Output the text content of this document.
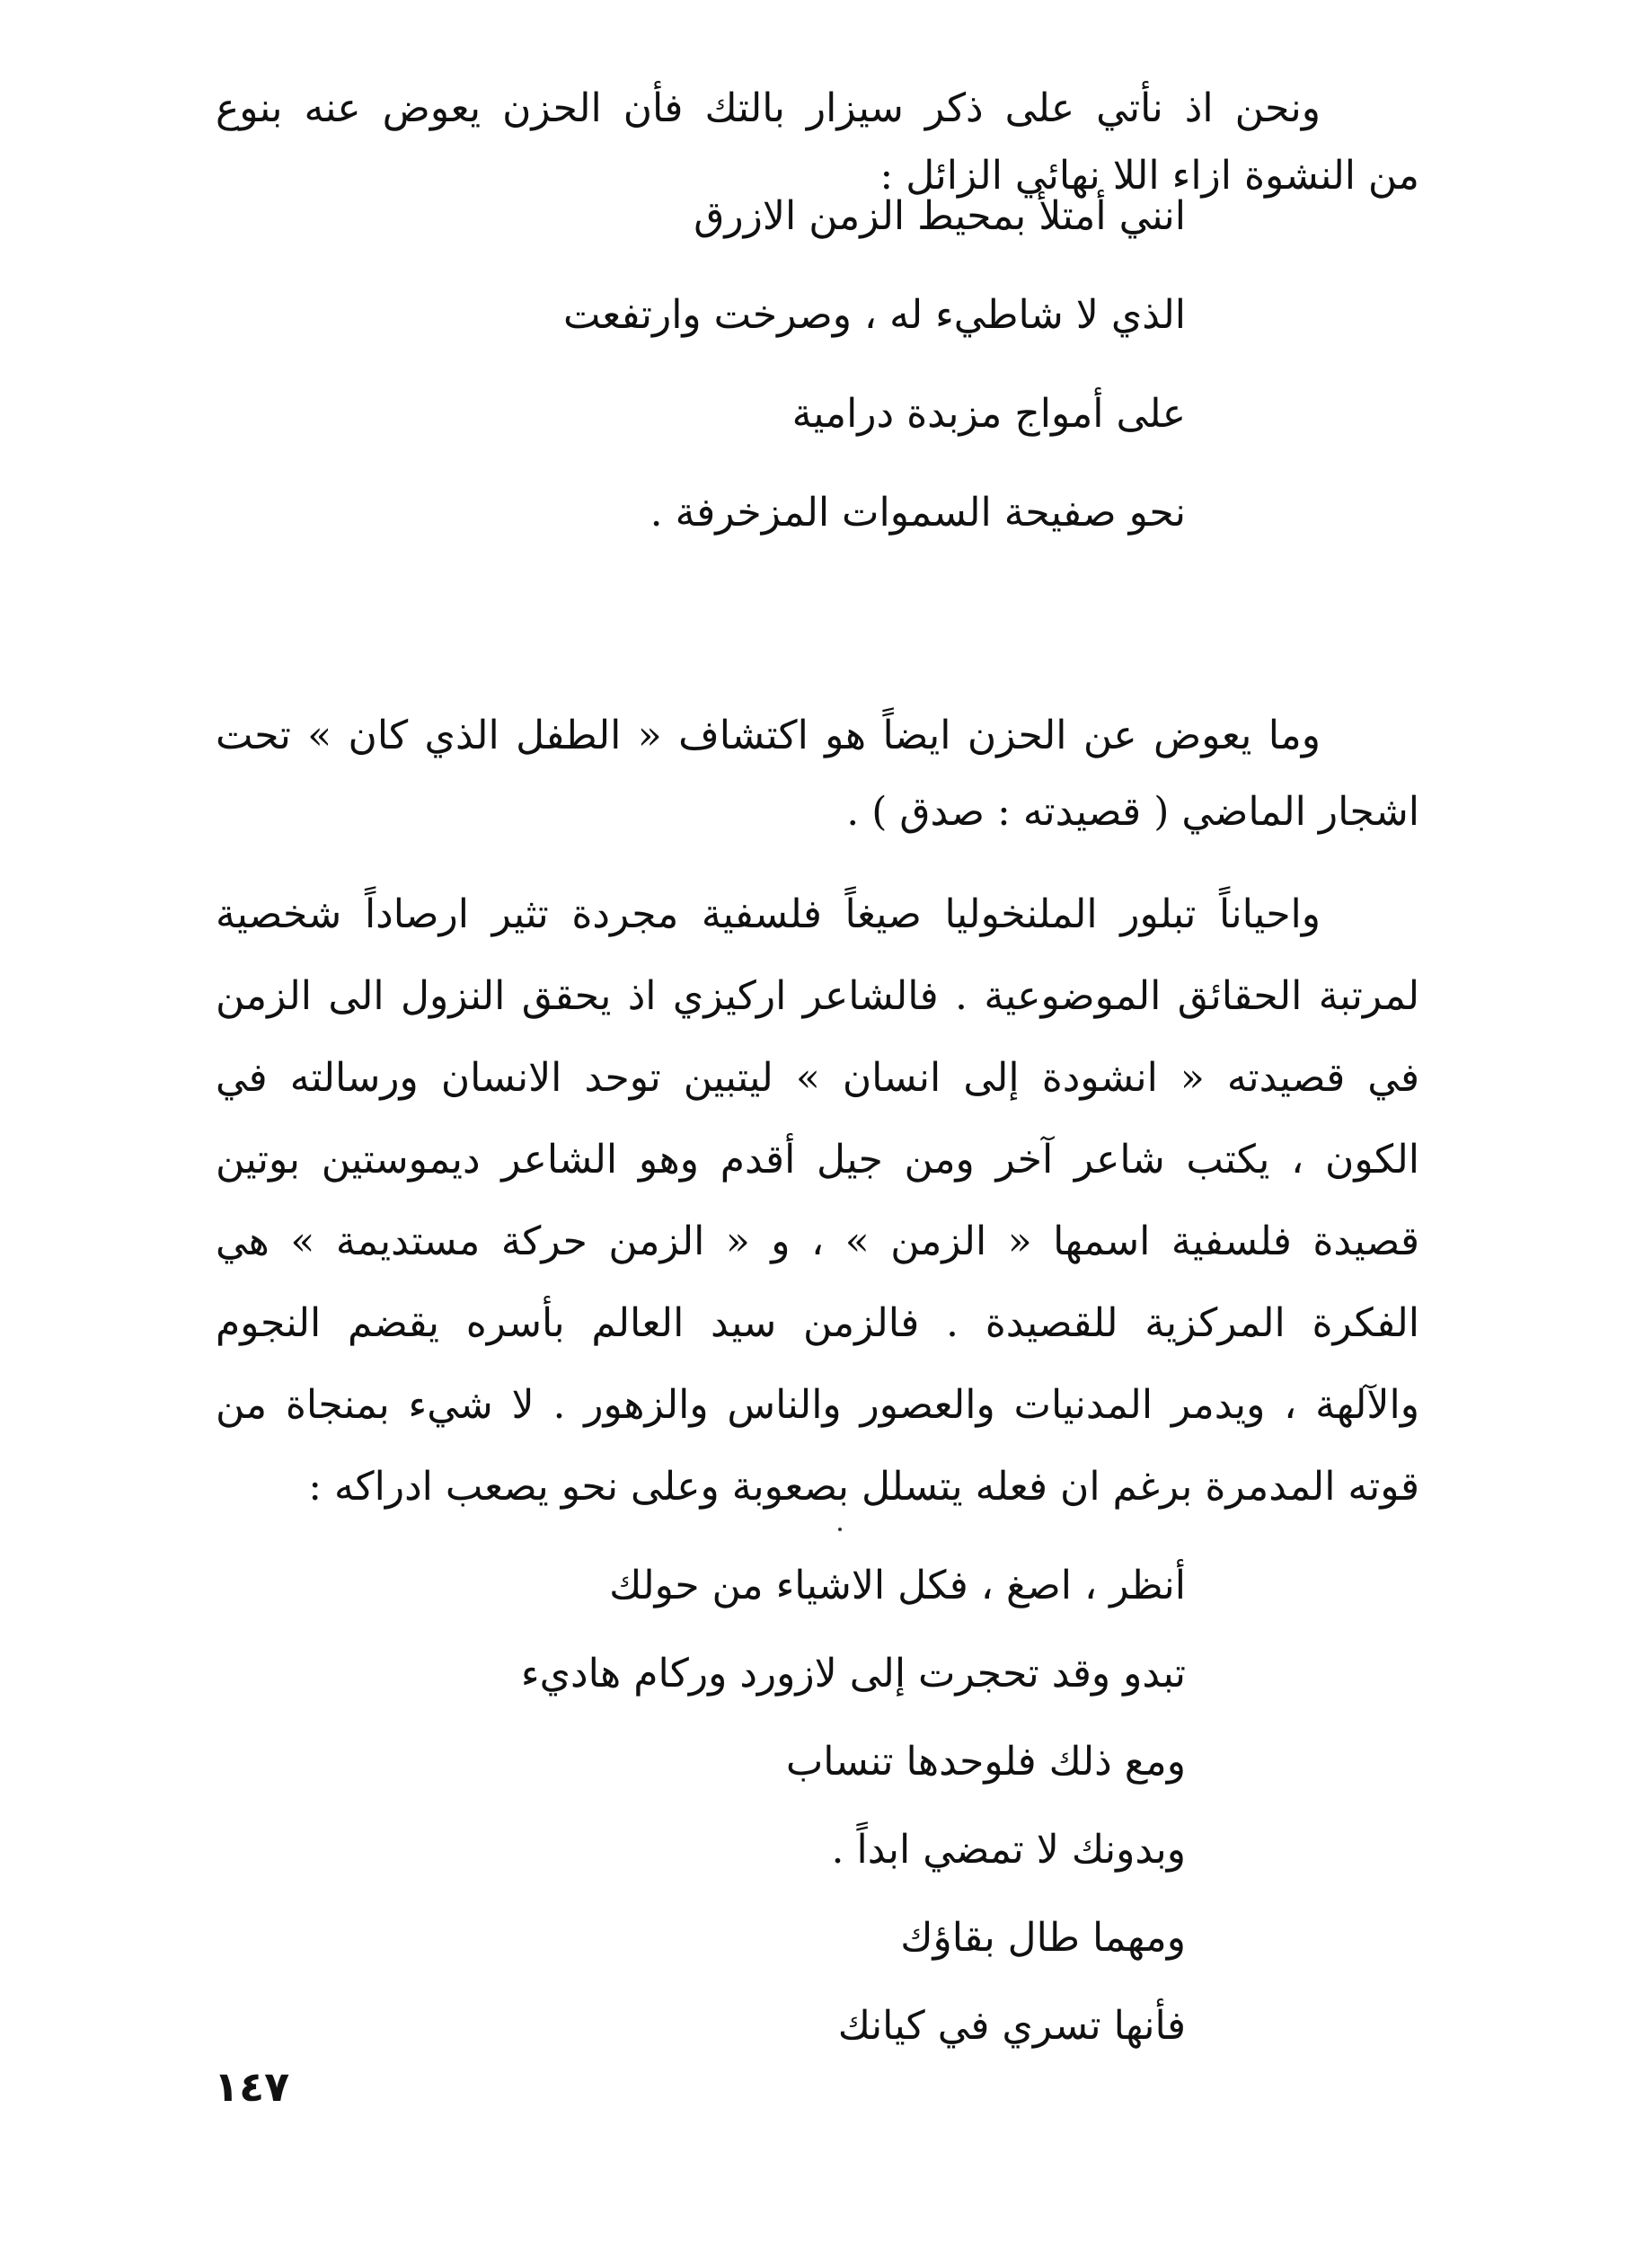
ونحن اذ نأتي على ذكر سيزار بالتك فأن الحزن يعوض عنه بنوع
من النشوة ازاء اللا نهائي الزائل :
انني أمتلأ بمحيط الزمن الازرق
الذي لا شاطيء له ، وصرخت وارتفعت
على أمواج مزبدة درامية
نحو صفيحة السموات المزخرفة .
وما يعوض عن الحزن ايضاً هو اكتشاف « الطفل الذي كان » تحت
اشجار الماضي ( قصيدته : صدق ) .
واحياناً تبلور الملنخوليا صيغاً فلسفية مجردة تثير ارصاداً شخصية
لمرتبة الحقائق الموضوعية . فالشاعر اركيزي اذ يحقق النزول الى الزمن
في قصيدته « انشودة إلى انسان » ليتبين توحد الانسان ورسالته في
الكون ، يكتب شاعر آخر ومن جيل أقدم وهو الشاعر ديموستين بوتين
قصيدة فلسفية اسمها « الزمن » ، و « الزمن حركة مستديمة » هي
الفكرة المركزية للقصيدة . فالزمن سيد العالم بأسره يقضم النجوم
والآلهة ، ويدمر المدنيات والعصور والناس والزهور . لا شيء بمنجاة من
قوته المدمرة برغم ان فعله يتسلل بصعوبة وعلى نحو يصعب ادراكه :
أنظر ، اصغ ، فكل الاشياء من حولك
تبدو وقد تحجرت إلى لازورد وركام هاديء
ومع ذلك فلوحدها تنساب
وبدونك لا تمضي ابداً .
ومهما طال بقاؤك
فأنها تسري في كيانك
١٤٧
